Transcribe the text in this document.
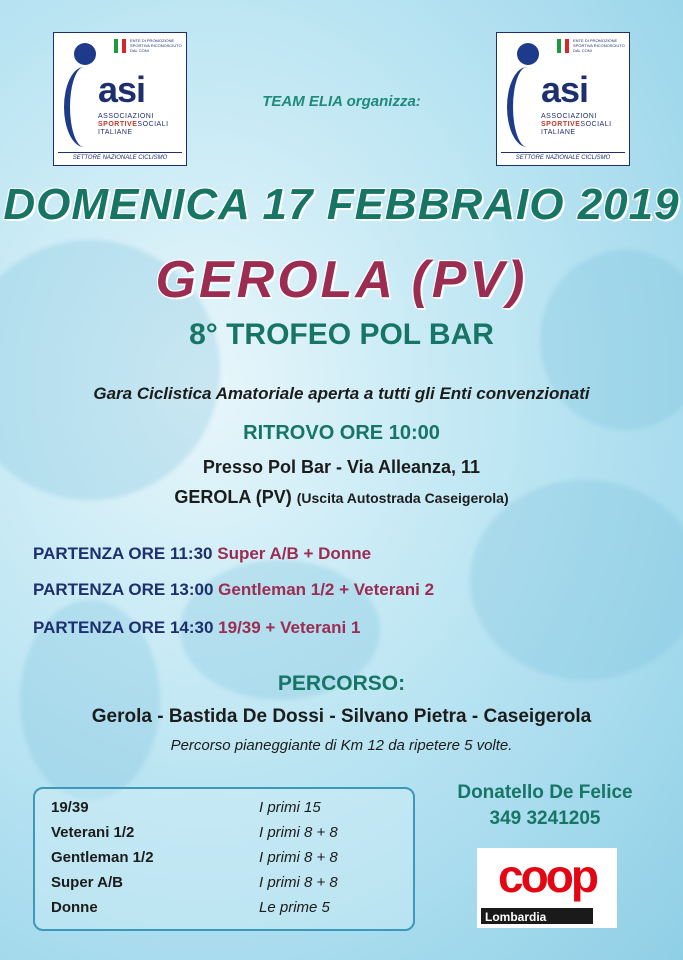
ENTE DI PROMOZIONE SPORTIVA RICONOSCIUTO DAL CONI
asi
ASSOCIAZIONI
SPORTIVESOCIALI
ITALIANE
SETTORE NAZIONALE CICLISMO
ENTE DI PROMOZIONE SPORTIVA RICONOSCIUTO DAL CONI
asi
ASSOCIAZIONI
SPORTIVESOCIALI
ITALIANE
SETTORE NAZIONALE CICLISMO
TEAM ELIA organizza:
DOMENICA 17 FEBBRAIO 2019
GEROLA (PV)
8° TROFEO POL BAR
Gara Ciclistica Amatoriale aperta a tutti gli Enti convenzionati
RITROVO ORE 10:00
Presso Pol Bar - Via Alleanza, 11
GEROLA (PV) (Uscita Autostrada Caseigerola)
PARTENZA ORE 11:30 Super A/B + Donne
PARTENZA ORE 13:00 Gentleman 1/2 + Veterani 2
PARTENZA ORE 14:30 19/39 + Veterani 1
PERCORSO:
Gerola - Bastida De Dossi - Silvano Pietra - Caseigerola
Percorso pianeggiante di Km 12 da ripetere 5 volte.
19/39	I primi 15
Veterani 1/2	I primi 8 + 8
Gentleman 1/2	I primi 8 + 8
Super A/B	I primi 8 + 8
Donne	Le prime 5
Donatello De Felice
349 3241205
coop
Lombardia
